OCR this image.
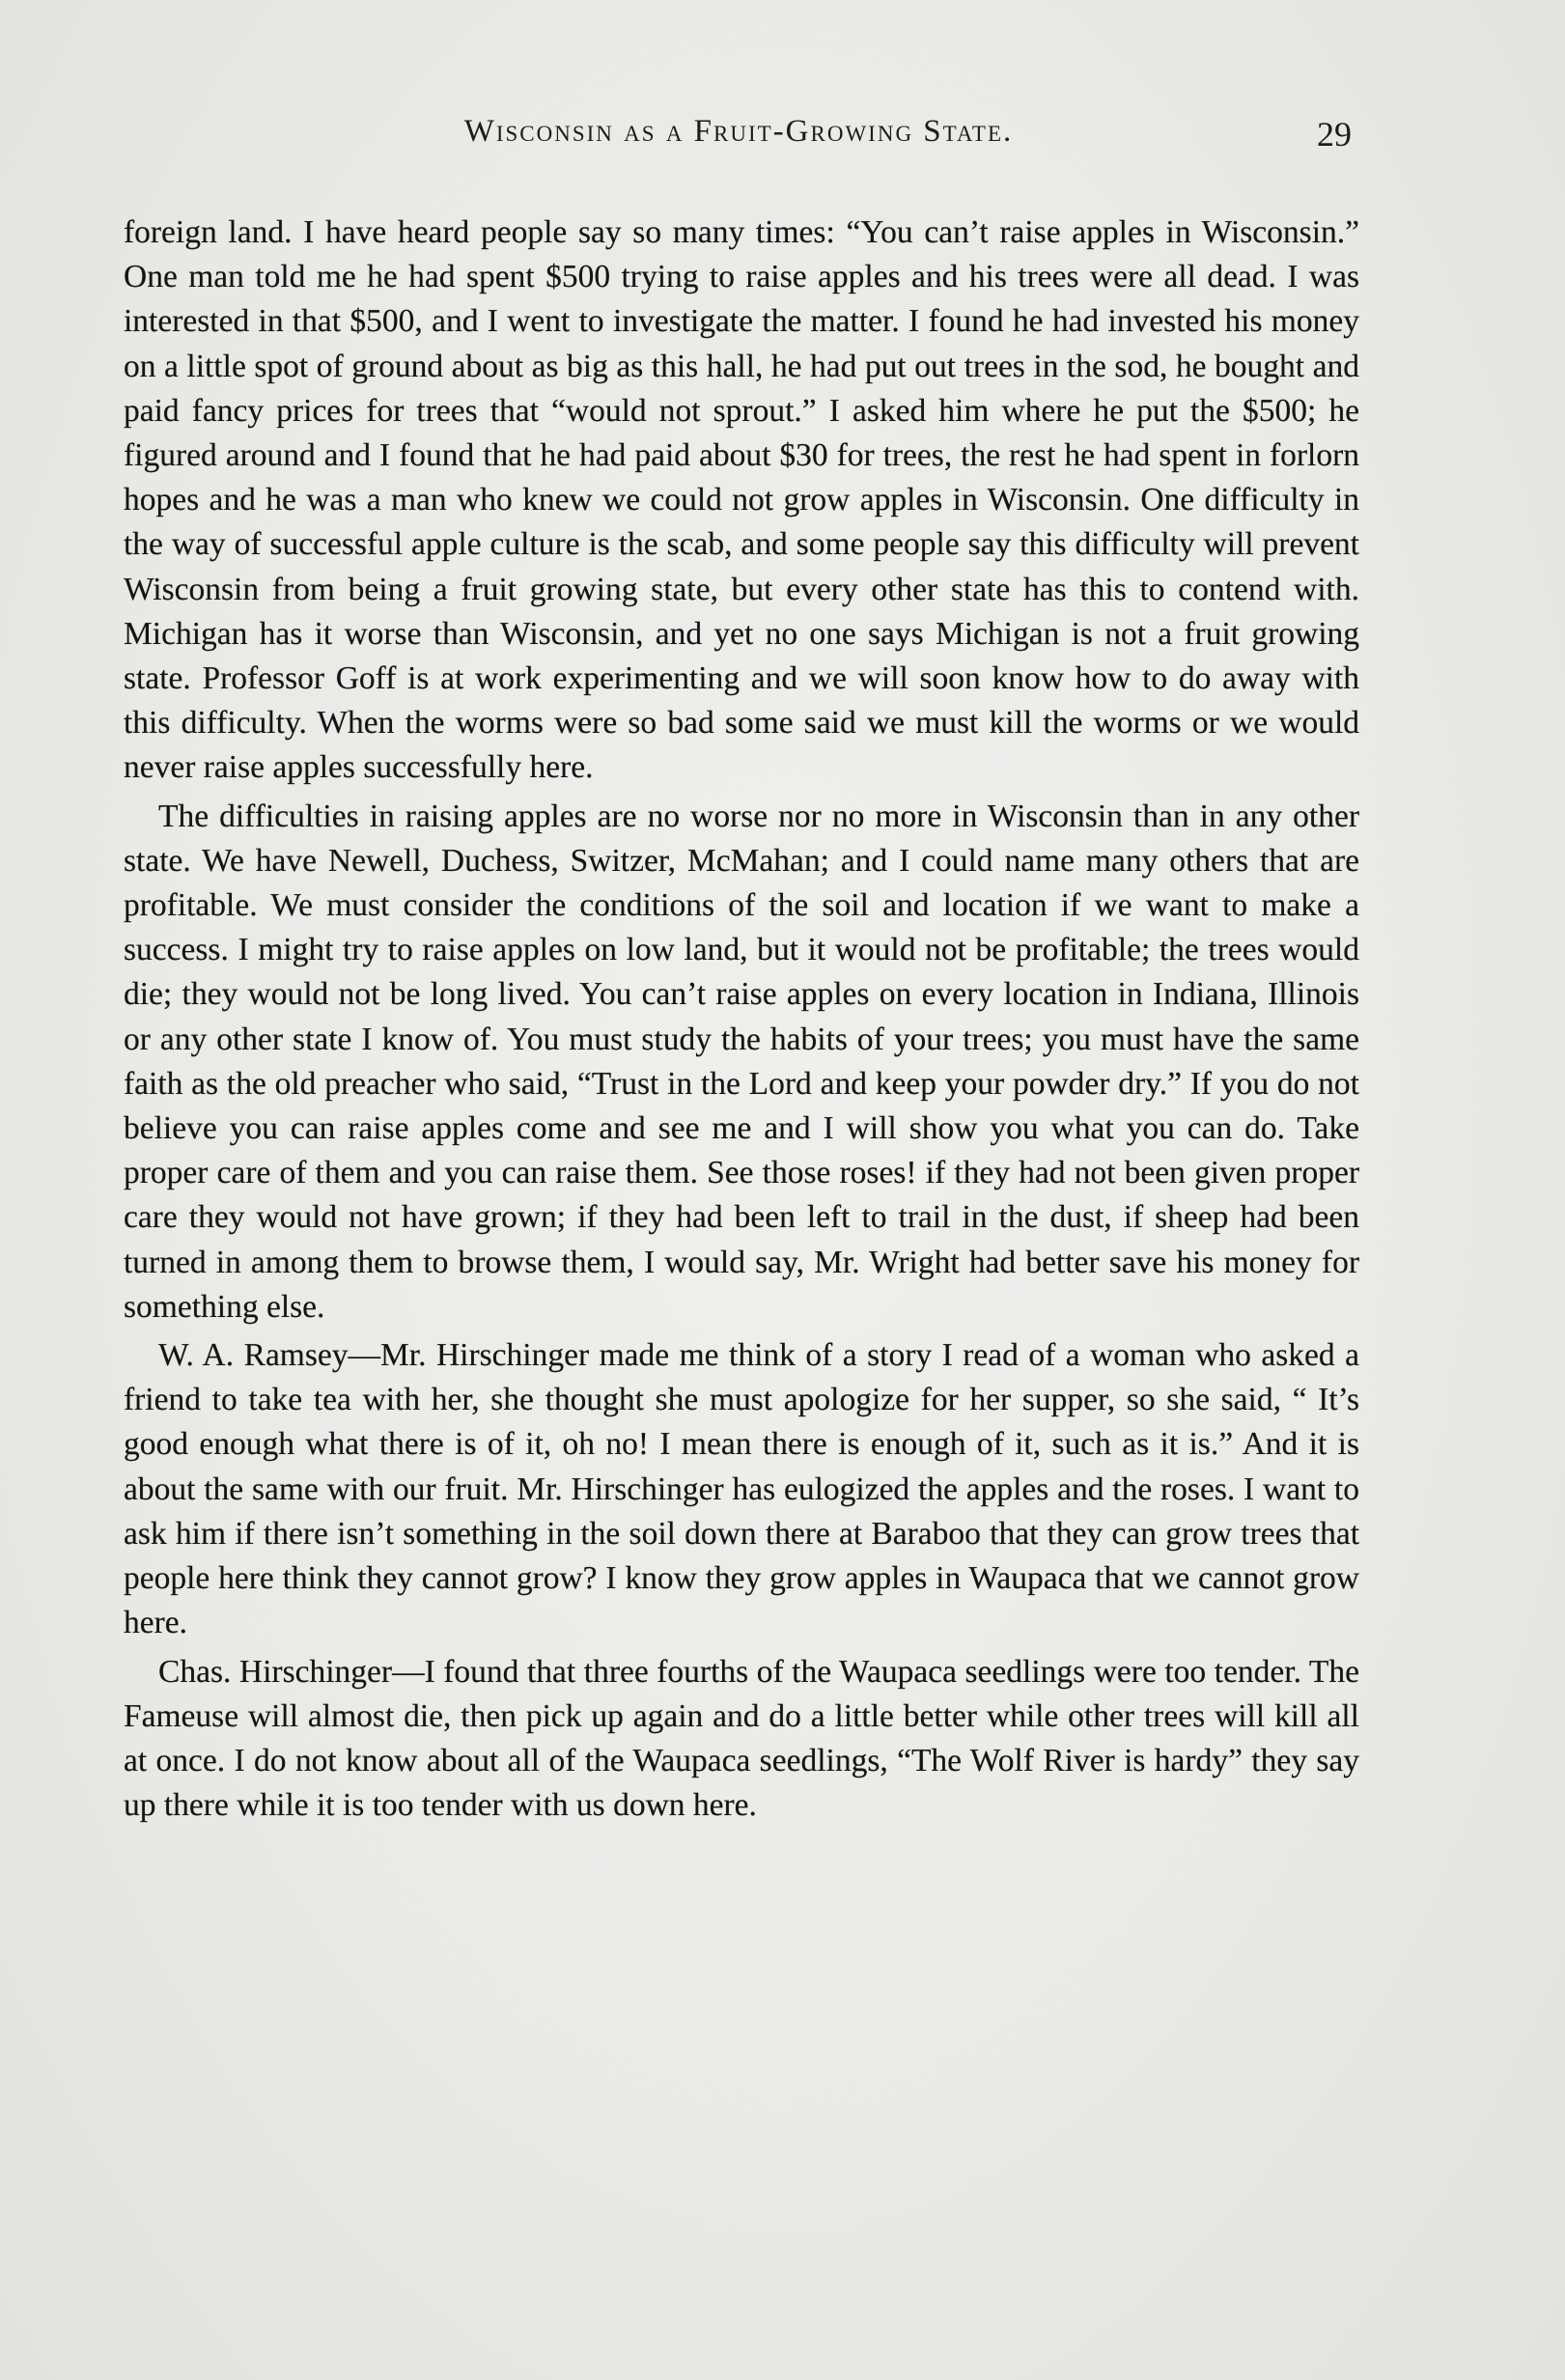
Wisconsin as a Fruit-Growing State.	29

foreign land. I have heard people say so many times: “You can’t raise apples in Wisconsin.” One man told me he had spent $500 trying to raise apples and his trees were all dead. I was interested in that $500, and I went to investigate the matter. I found he had invested his money on a little spot of ground about as big as this hall, he had put out trees in the sod, he bought and paid fancy prices for trees that “would not sprout.” I asked him where he put the $500; he figured around and I found that he had paid about $30 for trees, the rest he had spent in forlorn hopes and he was a man who knew we could not grow apples in Wisconsin. One difficulty in the way of successful apple culture is the scab, and some people say this difficulty will prevent Wisconsin from being a fruit growing state, but every other state has this to contend with. Michigan has it worse than Wisconsin, and yet no one says Michigan is not a fruit growing state. Professor Goff is at work experimenting and we will soon know how to do away with this difficulty. When the worms were so bad some said we must kill the worms or we would never raise apples successfully here.

The difficulties in raising apples are no worse nor no more in Wisconsin than in any other state. We have Newell, Duchess, Switzer, McMahan; and I could name many others that are profitable. We must consider the conditions of the soil and location if we want to make a success. I might try to raise apples on low land, but it would not be profitable; the trees would die; they would not be long lived. You can’t raise apples on every location in Indiana, Illinois or any other state I know of. You must study the habits of your trees; you must have the same faith as the old preacher who said, “Trust in the Lord and keep your powder dry.” If you do not believe you can raise apples come and see me and I will show you what you can do. Take proper care of them and you can raise them. See those roses! if they had not been given proper care they would not have grown; if they had been left to trail in the dust, if sheep had been turned in among them to browse them, I would say, Mr. Wright had better save his money for something else.

W. A. Ramsey—Mr. Hirschinger made me think of a story I read of a woman who asked a friend to take tea with her, she thought she must apologize for her supper, so she said, “ It’s good enough what there is of it, oh no! I mean there is enough of it, such as it is.” And it is about the same with our fruit. Mr. Hirschinger has eulogized the apples and the roses. I want to ask him if there isn’t something in the soil down there at Baraboo that they can grow trees that people here think they cannot grow? I know they grow apples in Waupaca that we cannot grow here.

Chas. Hirschinger—I found that three fourths of the Waupaca seedlings were too tender. The Fameuse will almost die, then pick up again and do a little better while other trees will kill all at once. I do not know about all of the Waupaca seedlings, “The Wolf River is hardy” they say up there while it is too tender with us down here.
